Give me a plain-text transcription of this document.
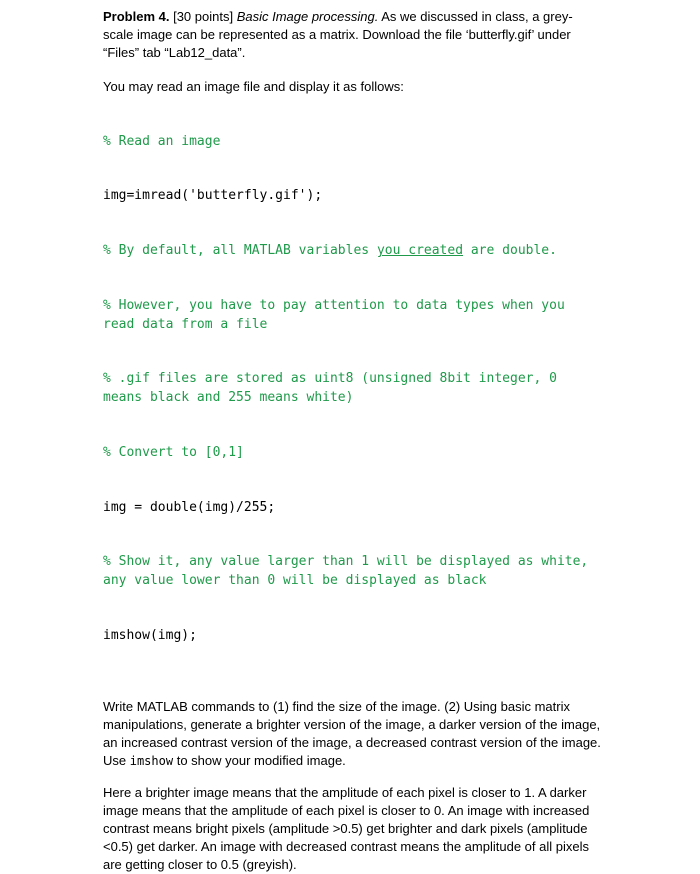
Problem 4. [30 points] Basic Image processing. As we discussed in class, a grey-scale image can be represented as a matrix. Download the file ‘butterfly.gif’ under “Files” tab “Lab12_data”.

You may read an image file and display it as follows:

% Read an image

img=imread('butterfly.gif');

% By default, all MATLAB variables you created are double.

% However, you have to pay attention to data types when you read data from a file

% .gif files are stored as uint8 (unsigned 8bit integer, 0 means black and 255 means white)

% Convert to [0,1]

img = double(img)/255;

% Show it, any value larger than 1 will be displayed as white, any value lower than 0 will be displayed as black

imshow(img);

Write MATLAB commands to (1) find the size of the image. (2) Using basic matrix manipulations, generate a brighter version of the image, a darker version of the image, an increased contrast version of the image, a decreased contrast version of the image. Use imshow to show your modified image.

Here a brighter image means that the amplitude of each pixel is closer to 1. A darker image means that the amplitude of each pixel is closer to 0. An image with increased contrast means bright pixels (amplitude >0.5) get brighter and dark pixels (amplitude <0.5) get darker. An image with decreased contrast means the amplitude of all pixels are getting closer to 0.5 (greyish).
